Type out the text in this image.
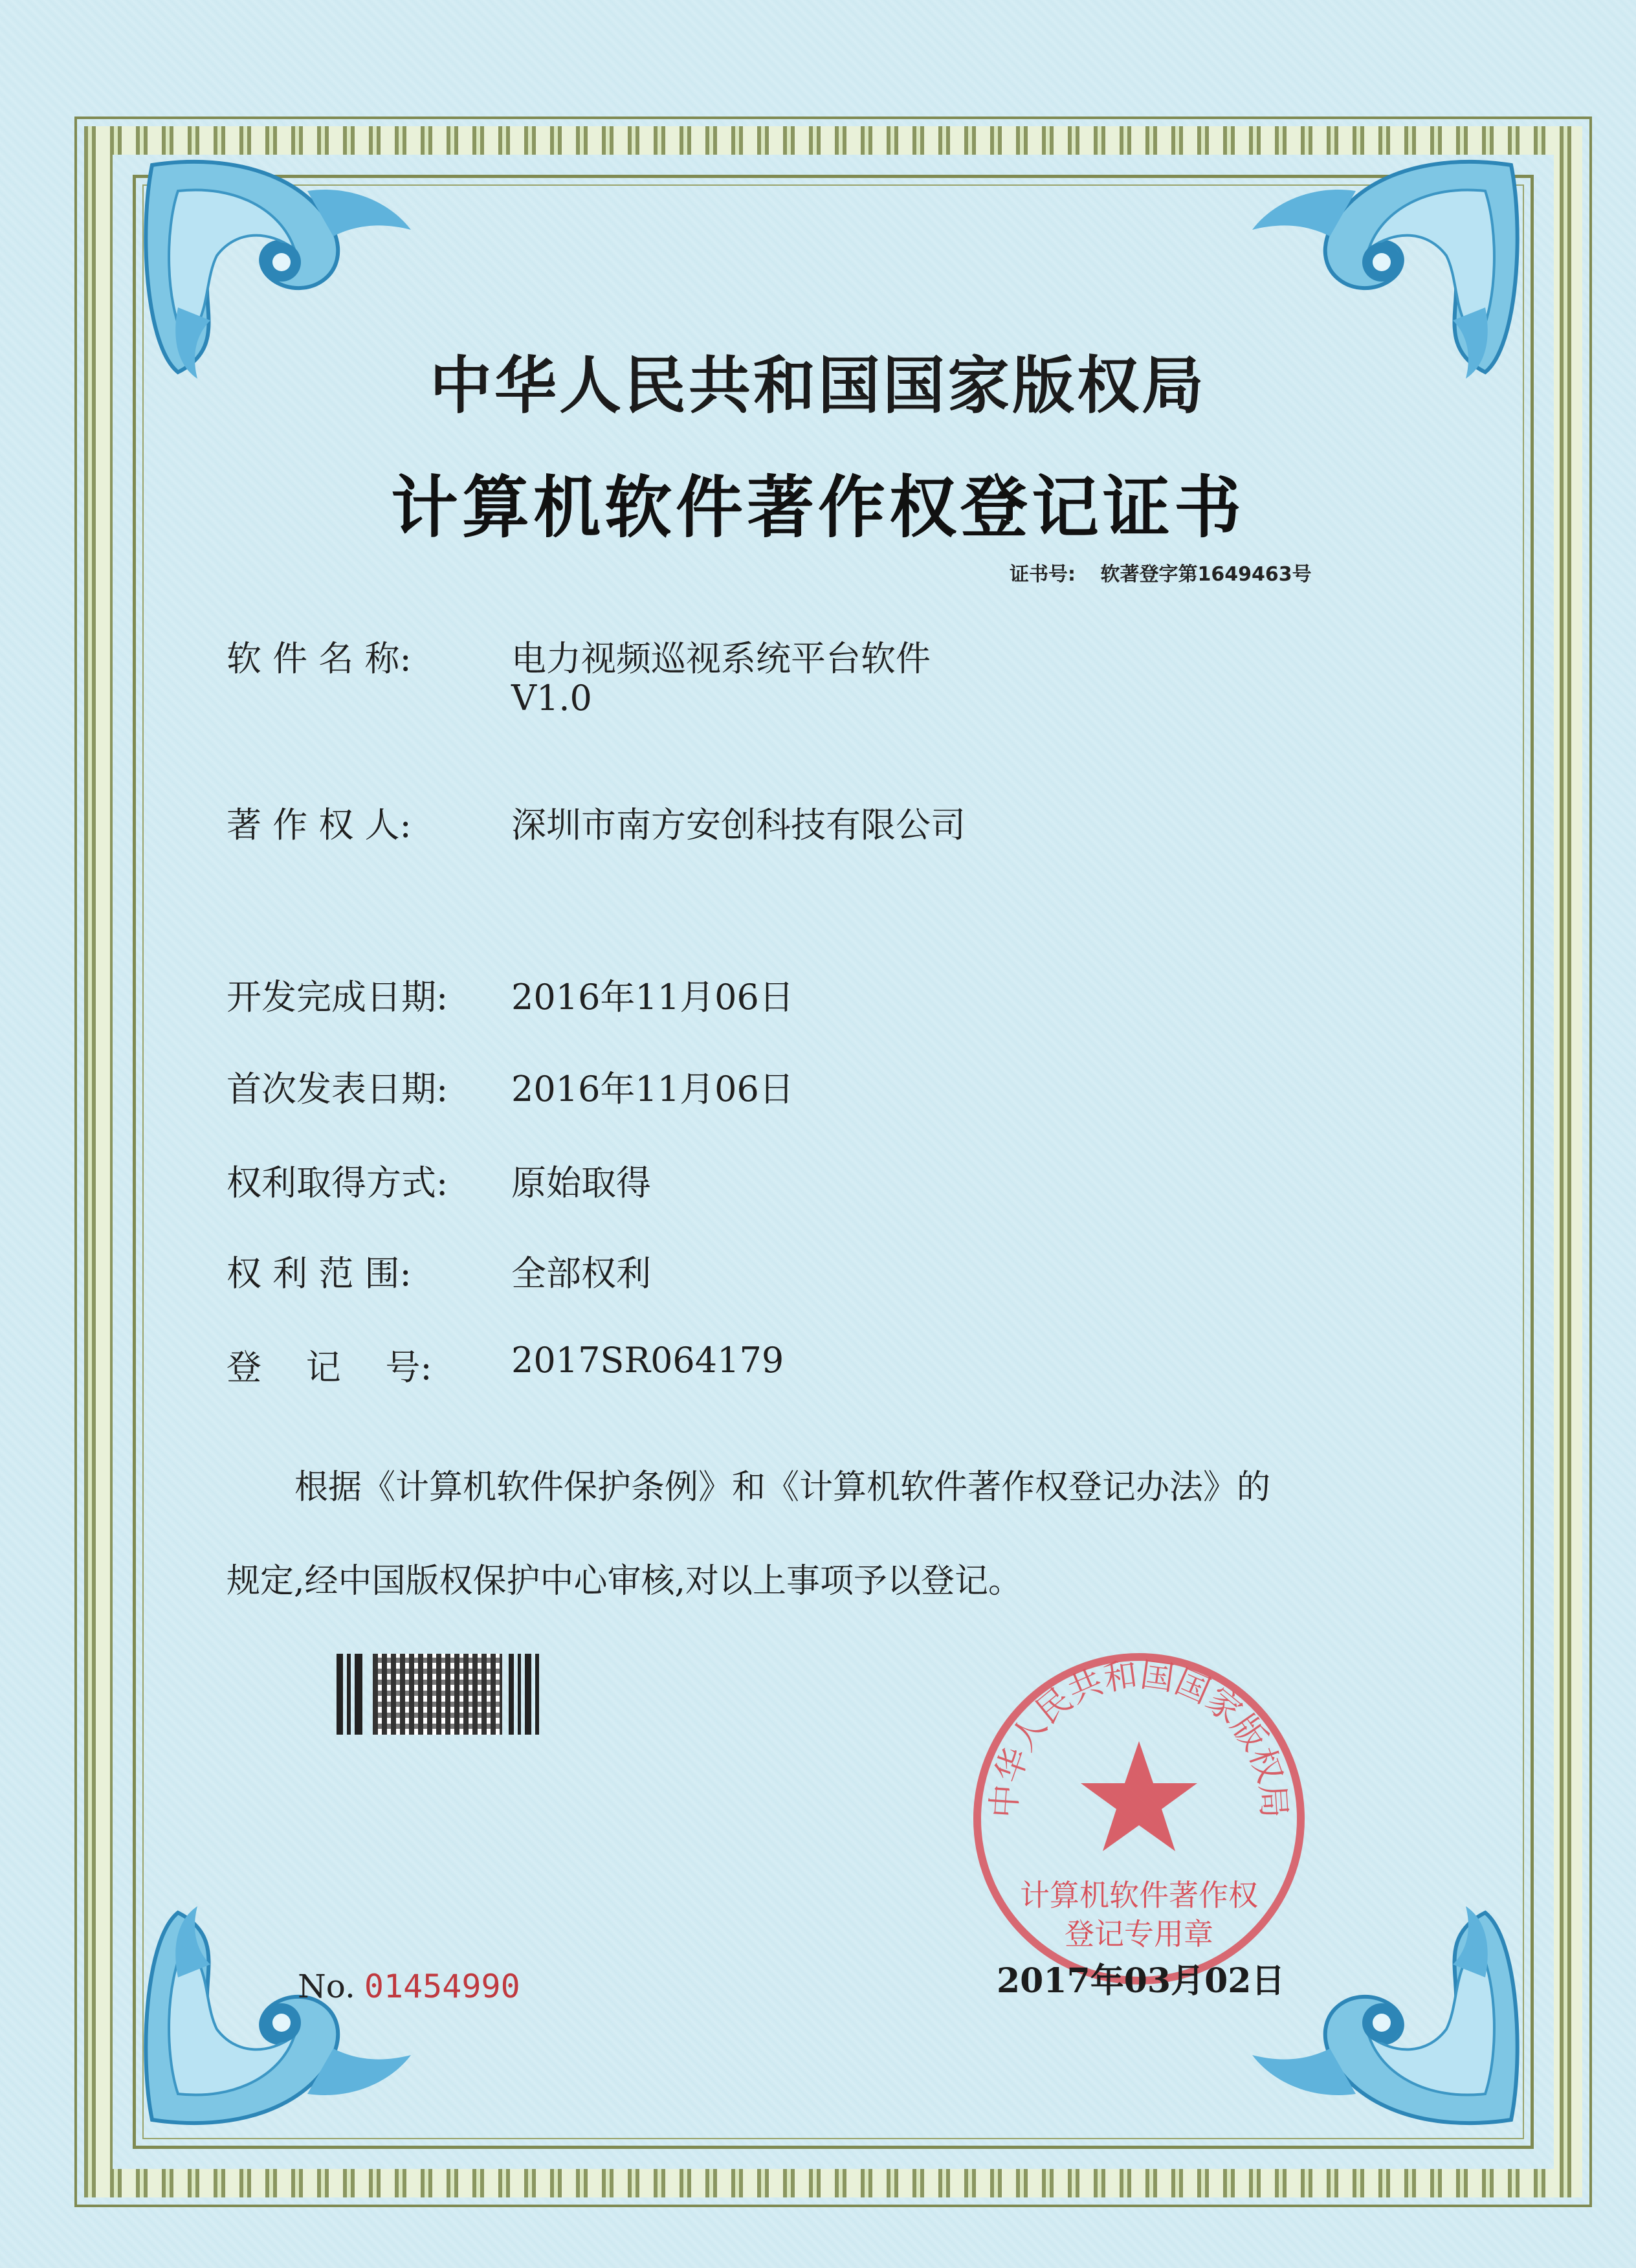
中华人民共和国国家版权局
计算机软件著作权登记证书
证书号: 软著登字第1649463号
软 件 名 称:	电力视频巡视系统平台软件
V1.0
著 作 权 人:	深圳市南方安创科技有限公司
开发完成日期: 2016年11月06日
首次发表日期: 2016年11月06日
权利取得方式: 原始取得
权 利 范 围:	全部权利
登    记    号: 2017SR064179
根据《计算机软件保护条例》和《计算机软件著作权登记办法》的
规定,经中国版权保护中心审核,对以上事项予以登记。
No. 01454990
中华人民共和国国家版权局
计算机软件著作权
登记专用章
2017年03月02日
